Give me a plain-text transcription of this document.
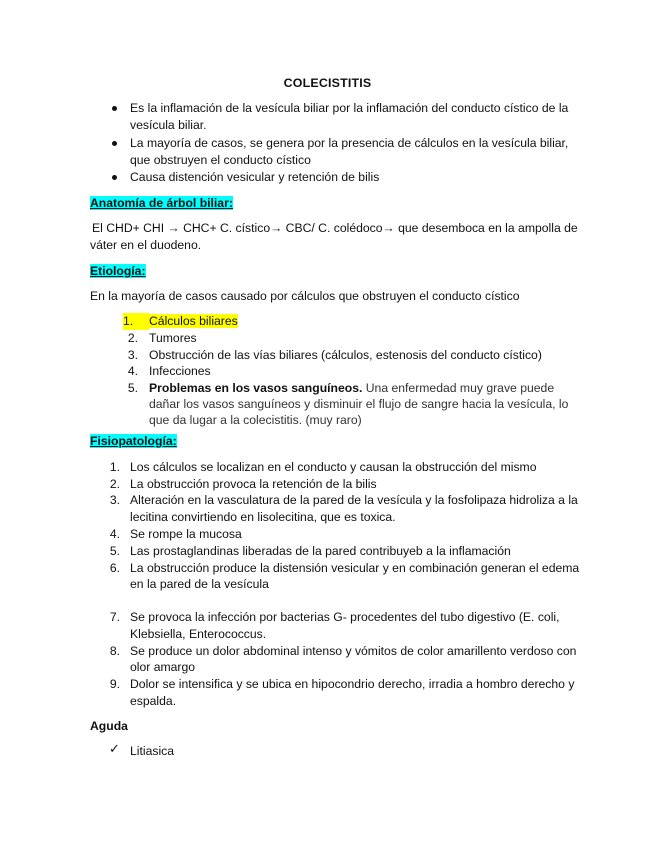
COLECISTITIS
Es la inflamación de la vesícula biliar por la inflamación del conducto cístico de la
vesícula biliar.
La mayoría de casos, se genera por la presencia de cálculos en la vesícula biliar,
que obstruyen el conducto cístico
Causa distención vesicular y retención de bilis
Anatomía de árbol biliar:
El CHD+ CHI → CHC+ C. cístico→ CBC/ C. colédoco→ que desemboca en la ampolla de
váter en el duodeno.
Etiología:
En la mayoría de casos causado por cálculos que obstruyen el conducto cístico
1.	Cálculos biliares
2. Tumores
3. Obstrucción de las vías biliares (cálculos, estenosis del conducto cístico)
4. Infecciones
5. Problemas en los vasos sanguíneos. Una enfermedad muy grave puede
dañar los vasos sanguíneos y disminuir el flujo de sangre hacia la vesícula, lo
que da lugar a la colecistitis. (muy raro)
Fisiopatología:
1. Los cálculos se localizan en el conducto y causan la obstrucción del mismo
2. La obstrucción provoca la retención de la bilis
3. Alteración en la vasculatura de la pared de la vesícula y la fosfolipaza hidroliza a la
lecitina convirtiendo en lisolecitina, que es toxica.
4. Se rompe la mucosa
5. Las prostaglandinas liberadas de la pared contribuyeb a la inflamación
6. La obstrucción produce la distensión vesicular y en combinación generan el edema
en la pared de la vesícula
7. Se provoca la infección por bacterias G- procedentes del tubo digestivo (E. coli,
Klebsiella, Enterococcus.
8. Se produce un dolor abdominal intenso y vómitos de color amarillento verdoso con
olor amargo
9. Dolor se intensifica y se ubica en hipocondrio derecho, irradia a hombro derecho y
espalda.
Aguda
✓ Litiasica
